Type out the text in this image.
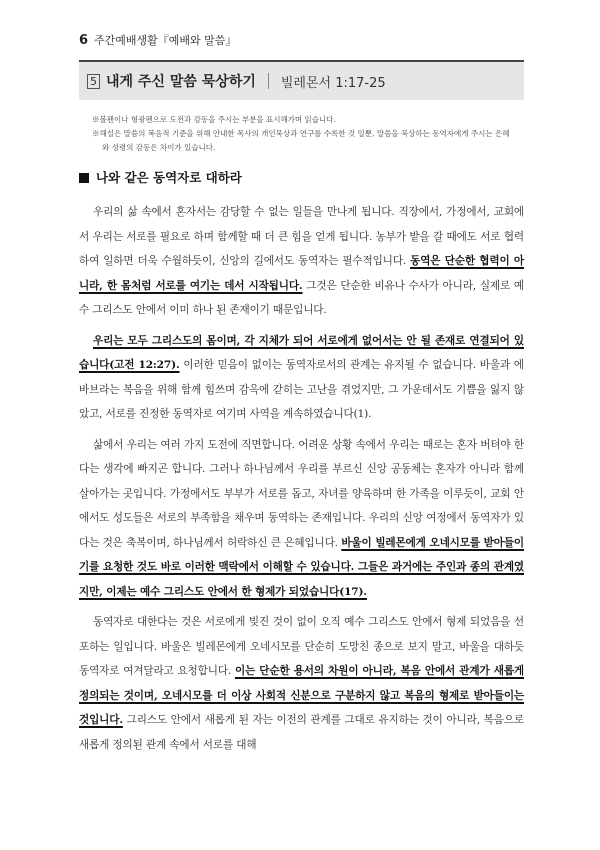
6 주간예배생활『예배와 말씀』
5 내게 주신 말씀 묵상하기 빌레몬서 1:17-25
※볼펜이나 형광펜으로 도전과 감동을 주시는 부분을 표시해가며 읽습니다.
※해설은 말씀의 복음적 기준을 위해 안내한 목사의 개인묵상과 연구를 수록한 것 일뿐, 말씀을 묵상하는 동역자에게 주시는 은혜와 성령의 감동은 차이가 있습니다.
나와 같은 동역자로 대하라

우리의 삶 속에서 혼자서는 감당할 수 없는 일들을 만나게 됩니다. 직장에서, 가정에서, 교회에서 우리는 서로를 필요로 하며 함께할 때 더 큰 힘을 얻게 됩니다. 농부가 밭을 갈 때에도 서로 협력하여 일하면 더욱 수월하듯이, 신앙의 길에서도 동역자는 필수적입니다. 동역은 단순한 협력이 아니라, 한 몸처럼 서로를 여기는 데서 시작됩니다. 그것은 단순한 비유나 수사가 아니라, 실제로 예수 그리스도 안에서 이미 하나 된 존재이기 때문입니다.

우리는 모두 그리스도의 몸이며, 각 지체가 되어 서로에게 없어서는 안 될 존재로 연결되어 있습니다(고전 12:27). 이러한 믿음이 없이는 동역자로서의 관계는 유지될 수 없습니다. 바울과 에바브라는 복음을 위해 함께 힘쓰며 감옥에 갇히는 고난을 겪었지만, 그 가운데서도 기쁨을 잃지 않았고, 서로를 진정한 동역자로 여기며 사역을 계속하였습니다(1).

삶에서 우리는 여러 가지 도전에 직면합니다. 어려운 상황 속에서 우리는 때로는 혼자 버텨야 한다는 생각에 빠지곤 합니다. 그러나 하나님께서 우리를 부르신 신앙 공동체는 혼자가 아니라 함께 살아가는 곳입니다. 가정에서도 부부가 서로를 돕고, 자녀를 양육하며 한 가족을 이루듯이, 교회 안에서도 성도들은 서로의 부족함을 채우며 동역하는 존재입니다. 우리의 신앙 여정에서 동역자가 있다는 것은 축복이며, 하나님께서 허락하신 큰 은혜입니다. 바울이 빌레몬에게 오네시모를 받아들이기를 요청한 것도 바로 이러한 맥락에서 이해할 수 있습니다. 그들은 과거에는 주인과 종의 관계였지만, 이제는 예수 그리스도 안에서 한 형제가 되었습니다(17).

동역자로 대한다는 것은 서로에게 빚진 것이 없이 오직 예수 그리스도 안에서 형제 되었음을 선포하는 일입니다. 바울은 빌레몬에게 오네시모를 단순히 도망친 종으로 보지 말고, 바울을 대하듯 동역자로 여겨달라고 요청합니다. 이는 단순한 용서의 차원이 아니라, 복음 안에서 관계가 새롭게 정의되는 것이며, 오네시모를 더 이상 사회적 신분으로 구분하지 않고 복음의 형제로 받아들이는 것입니다. 그리스도 안에서 새롭게 된 자는 이전의 관계를 그대로 유지하는 것이 아니라, 복음으로 새롭게 정의된 관계 속에서 서로를 대해
